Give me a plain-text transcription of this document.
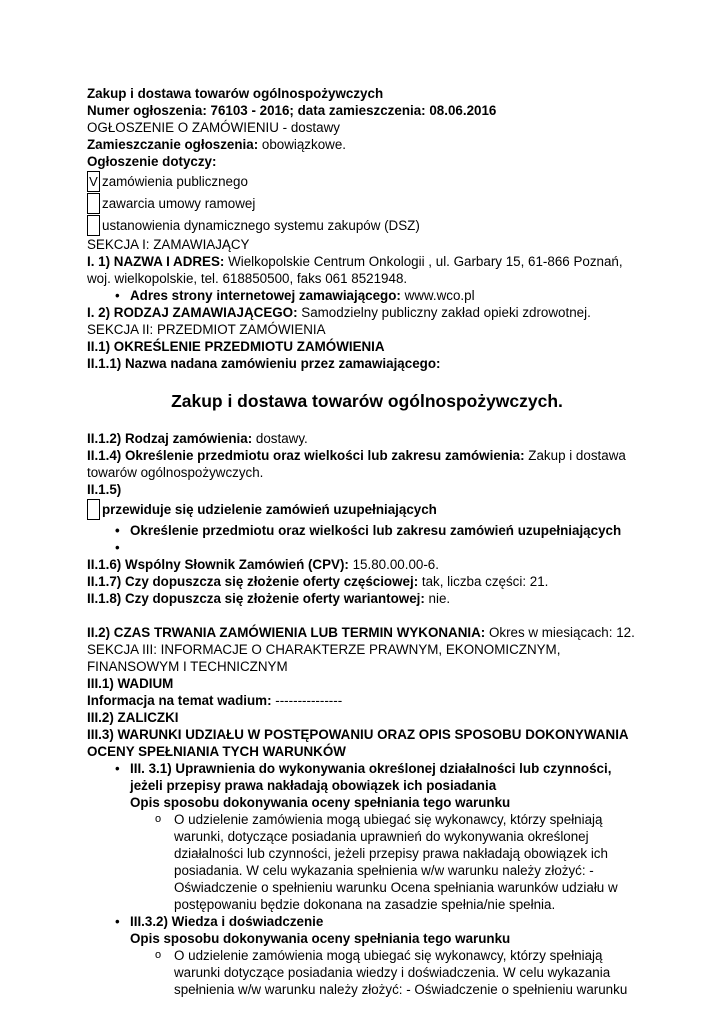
Zakup i dostawa towarów ogólnospożywczych

Numer ogłoszenia: 76103 - 2016; data zamieszczenia: 08.06.2016

OGŁOSZENIE O ZAMÓWIENIU - dostawy

Zamieszczanie ogłoszenia: obowiązkowe.

Ogłoszenie dotyczy:

V zamówienia publicznego
zawarcia umowy ramowej
ustanowienia dynamicznego systemu zakupów (DSZ)

SEKCJA I: ZAMAWIAJĄCY

I. 1) NAZWA I ADRES: Wielkopolskie Centrum Onkologii , ul. Garbary 15, 61-866 Poznań, woj. wielkopolskie, tel. 618850500, faks 061 8521948.

• Adres strony internetowej zamawiającego: www.wco.pl

I. 2) RODZAJ ZAMAWIAJĄCEGO: Samodzielny publiczny zakład opieki zdrowotnej.

SEKCJA II: PRZEDMIOT ZAMÓWIENIA

II.1) OKREŚLENIE PRZEDMIOTU ZAMÓWIENIA

II.1.1) Nazwa nadana zamówieniu przez zamawiającego:

Zakup i dostawa towarów ogólnospożywczych.

II.1.2) Rodzaj zamówienia: dostawy.

II.1.4) Określenie przedmiotu oraz wielkości lub zakresu zamówienia: Zakup i dostawa towarów ogólnospożywczych.

II.1.5)

przewiduje się udzielenie zamówień uzupełniających
• Określenie przedmiotu oraz wielkości lub zakresu zamówień uzupełniających
•

II.1.6) Wspólny Słownik Zamówień (CPV): 15.80.00.00-6.

II.1.7) Czy dopuszcza się złożenie oferty częściowej: tak, liczba części: 21.

II.1.8) Czy dopuszcza się złożenie oferty wariantowej: nie.

II.2) CZAS TRWANIA ZAMÓWIENIA LUB TERMIN WYKONANIA: Okres w miesiącach: 12.

SEKCJA III: INFORMACJE O CHARAKTERZE PRAWNYM, EKONOMICZNYM, FINANSOWYM I TECHNICZNYM

III.1) WADIUM

Informacja na temat wadium: ---------------

III.2) ZALICZKI

III.3) WARUNKI UDZIAŁU W POSTĘPOWANIU ORAZ OPIS SPOSOBU DOKONYWANIA OCENY SPEŁNIANIA TYCH WARUNKÓW

• III. 3.1) Uprawnienia do wykonywania określonej działalności lub czynności, jeżeli przepisy prawa nakładają obowiązek ich posiadania

Opis sposobu dokonywania oceny spełniania tego warunku

o O udzielenie zamówienia mogą ubiegać się wykonawcy, którzy spełniają warunki, dotyczące posiadania uprawnień do wykonywania określonej działalności lub czynności, jeżeli przepisy prawa nakładają obowiązek ich posiadania. W celu wykazania spełnienia w/w warunku należy złożyć: - Oświadczenie o spełnieniu warunku Ocena spełniania warunków udziału w postępowaniu będzie dokonana na zasadzie spełnia/nie spełnia.

• III.3.2) Wiedza i doświadczenie

Opis sposobu dokonywania oceny spełniania tego warunku

o O udzielenie zamówienia mogą ubiegać się wykonawcy, którzy spełniają warunki dotyczące posiadania wiedzy i doświadczenia. W celu wykazania spełnienia w/w warunku należy złożyć: - Oświadczenie o spełnieniu warunku
